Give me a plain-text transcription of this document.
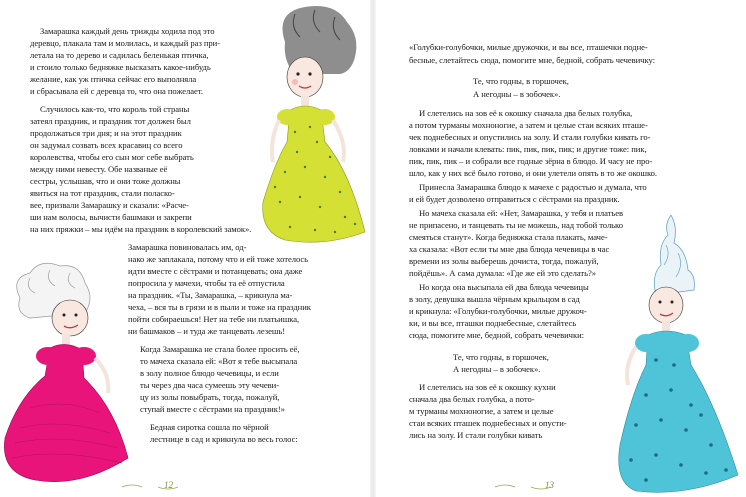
Замарашка каждый день трижды ходила под это
деревцо, плакала там и молилась, и каждый раз при-
летала на то дерево и садилась беленькая птичка,
и стоило только бедняжке высказать какое-нибудь
желание, как уж птичка сейчас его выполняла
и сбрасывала ей с деревца то, что она пожелает.
Случилось как-то, что король той страны
затеял праздник, и праздник тот должен был
продолжаться три дня; и на этот праздник
он задумал созвать всех красавиц со всего
королевства, чтобы его сын мог себе выбрать
между ними невесту. Обе названые её
сестры, услышав, что и они тоже должны
явиться на тот праздник, стали поласко-
вее, призвали Замарашку и сказали: «Расче-
ши нам волосы, вычисти башмаки и закрепи
на них пряжки – мы идём на праздник в королевский замок».
Замарашка повиновалась им, од-
нако же заплакала, потому что и ей тоже хотелось
идти вместе с сёстрами и потанцевать; она даже
попросила у мачехи, чтобы та её отпустила
на праздник. «Ты, Замарашка, – крикнула ма-
чеха, – вся ты в грязи и в пыли и тоже на праздник
пойти собираешься! Нет на тебе ни платьишка,
ни башмаков – и туда же танцевать лезешь!
Когда Замарашка не стала более просить её,
то мачеха сказала ей: «Вот я тебе высыпала
в золу полное блюдо чечевицы, и если
ты через два часа сумеешь эту чечеви-
цу из золы повыбрать, тогда, пожалуй,
ступай вместе с сёстрами на праздник!»
Бедная сиротка сошла по чёрной
лестнице в сад и крикнула во весь голос:
12
«Голубки-голубочки, милые дружочки, и вы все, пташечки подне-
бесные, слетайтесь сюда, помогите мне, бедной, собрать чечевичку:
Те, что годны, в горшочек,
А негодны – в зобочек».
И слетелись на зов её к окошку сначала два белых голубка,
а потом турманы мохноногие, а затем и целые стаи всяких пташе-
чек поднебесных и опустились на золу. И стали голубки кивать го-
ловками и начали клевать: пик, пик, пик, пик; и другие тоже: пик,
пик, пик, пик – и собрали все годные зёрна в блюдо. И часу не про-
шло, как у них всё было готово, и они улетели опять в то же окошко.
Принесла Замарашка блюдо к мачехе с радостью и думала, что
и ей будет дозволено отправиться с сёстрами на праздник.
Но мачеха сказала ей: «Нет, Замарашка, у тебя и платьев
не припасено, и танцевать ты не можешь, над тобой только
смеяться станут». Когда бедняжка стала плакать, маче-
ха сказала: «Вот если ты мне два блюда чечевицы в час
времени из золы выберешь дочиста, тогда, пожалуй,
пойдёшь». А сама думала: «Где же ей это сделать?»
Но когда она высыпала ей два блюда чечевицы
в золу, девушка вышла чёрным крыльцом в сад
и крикнула: «Голубки-голубочки, милые дружоч-
ки, и вы все, пташки поднебесные, слетайтесь
сюда, помогите мне, бедной, собрать чечевички:
Те, что годны, в горшочек,
А негодны – в зобочек».
И слетелись на зов её к окошку кухни
сначала два белых голубка, а пото-
м турманы мохноногие, а затем и целые
стаи всяких пташек поднебесных и опусти-
лись на золу. И стали голубки кивать
13
